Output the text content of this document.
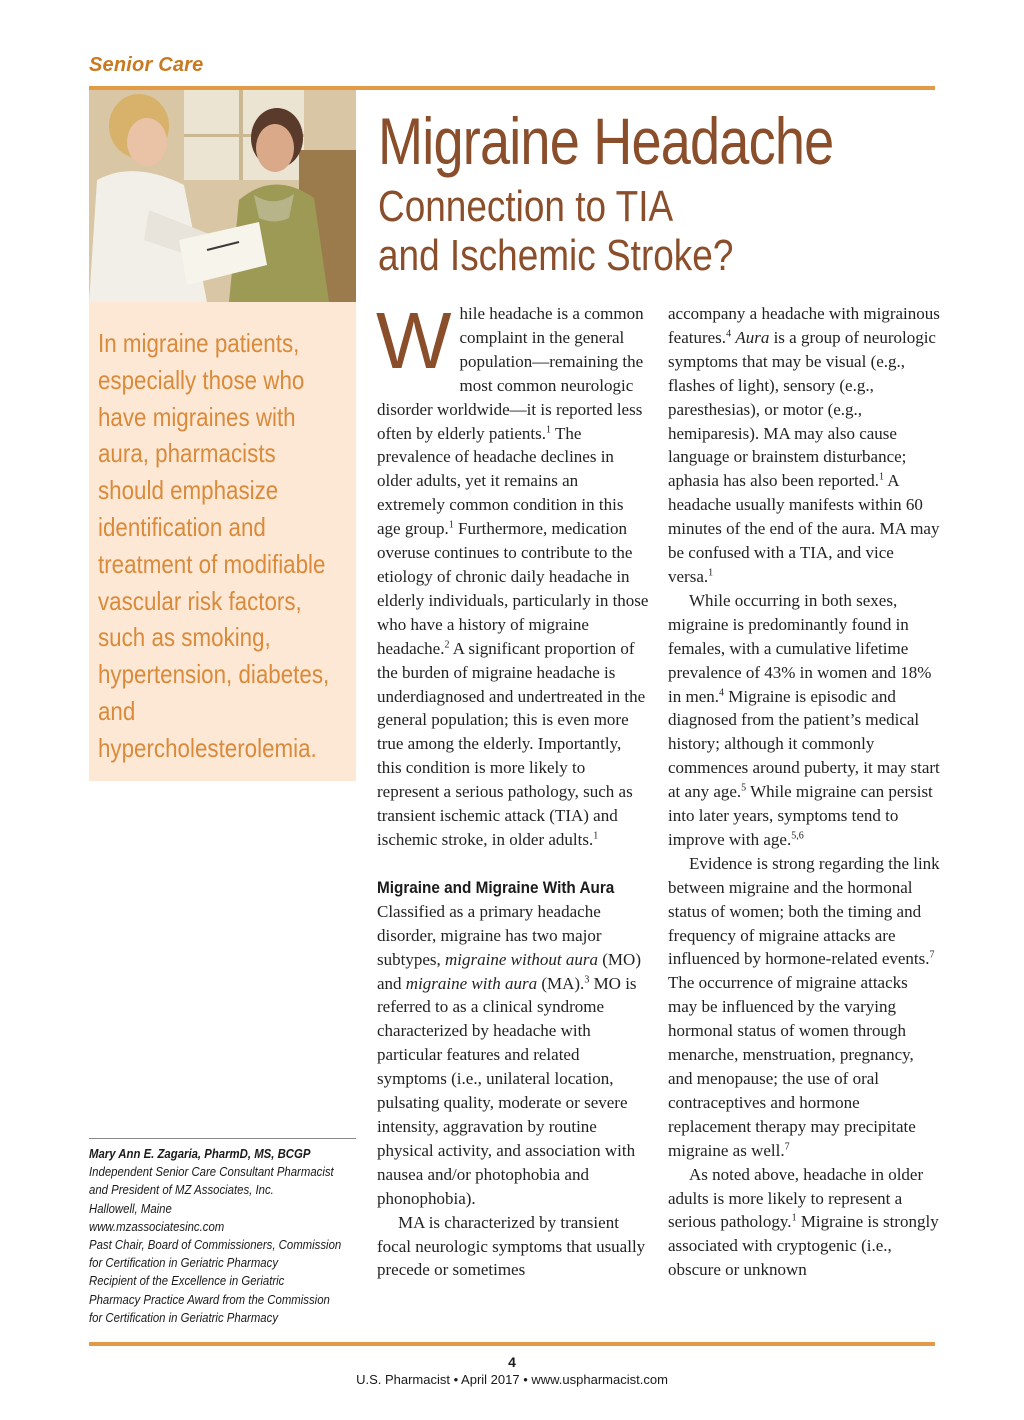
Senior Care
Migraine Headache
Connection to TIA
and Ischemic Stroke?

In migraine patients, especially those who have migraines with aura, pharmacists should emphasize identification and treatment of modifiable vascular risk factors, such as smoking, hypertension, diabetes, and hypercholesterolemia.

Mary Ann E. Zagaria, PharmD, MS, BCGP
Independent Senior Care Consultant Pharmacist
and President of MZ Associates, Inc.
Hallowell, Maine
www.mzassociatesinc.com
Past Chair, Board of Commissioners, Commission
for Certification in Geriatric Pharmacy
Recipient of the Excellence in Geriatric
Pharmacy Practice Award from the Commission
for Certification in Geriatric Pharmacy

While headache is a common complaint in the general population—remaining the most common neurologic disorder worldwide—it is reported less often by elderly patients.$^1$ The prevalence of headache declines in older adults, yet it remains an extremely common condition in this age group.$^1$ Furthermore, medication overuse continues to contribute to the etiology of chronic daily headache in elderly individuals, particularly in those who have a history of migraine headache.$^2$ A significant proportion of the burden of migraine headache is underdiagnosed and undertreated in the general population; this is even more true among the elderly. Importantly, this condition is more likely to represent a serious pathology, such as transient ischemic attack (TIA) and ischemic stroke, in older adults.$^1$

Migraine and Migraine With Aura

Classified as a primary headache disorder, migraine has two major subtypes, migraine without aura (MO) and migraine with aura (MA).$^3$ MO is referred to as a clinical syndrome characterized by headache with particular features and related symptoms (i.e., unilateral location, pulsating quality, moderate or severe intensity, aggravation by routine physical activity, and association with nausea and/or photophobia and phonophobia).

MA is characterized by transient focal neurologic symptoms that usually precede or sometimes

accompany a headache with migrainous features.$^4$ Aura is a group of neurologic symptoms that may be visual (e.g., flashes of light), sensory (e.g., paresthesias), or motor (e.g., hemiparesis). MA may also cause language or brainstem disturbance; aphasia has also been reported.$^1$ A headache usually manifests within 60 minutes of the end of the aura. MA may be confused with a TIA, and vice versa.$^1$

While occurring in both sexes, migraine is predominantly found in females, with a cumulative lifetime prevalence of 43% in women and 18% in men.$^4$ Migraine is episodic and diagnosed from the patient’s medical history; although it commonly commences around puberty, it may start at any age.$^5$ While migraine can persist into later years, symptoms tend to improve with age.$^{5,6}$

Evidence is strong regarding the link between migraine and the hormonal status of women; both the timing and frequency of migraine attacks are influenced by hormone-related events.$^7$ The occurrence of migraine attacks may be influenced by the varying hormonal status of women through menarche, menstruation, pregnancy, and menopause; the use of oral contraceptives and hormone replacement therapy may precipitate migraine as well.$^7$

As noted above, headache in older adults is more likely to represent a serious pathology.$^1$ Migraine is strongly associated with cryptogenic (i.e., obscure or unknown

4
U.S. Pharmacist • April 2017 • www.uspharmacist.com
